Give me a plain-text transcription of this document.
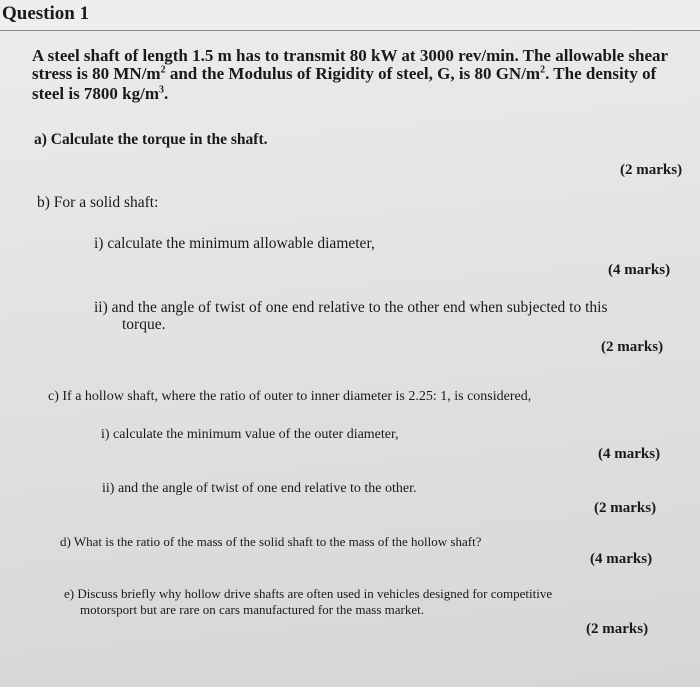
Question 1
A steel shaft of length 1.5 m has to transmit 80 kW at 3000 rev/min. The allowable shear
stress is 80 $MN/m^2$ and the Modulus of Rigidity of steel, G, is 80 $GN/m^2$. The density of
steel is 7800 $kg/m^3$.
a) Calculate the torque in the shaft.
(2 marks)
b) For a solid shaft:
i) calculate the minimum allowable diameter,
(4 marks)
ii) and the angle of twist of one end relative to the other end when subjected to this
torque.
(2 marks)
c) If a hollow shaft, where the ratio of outer to inner diameter is 2.25: 1, is considered,
i) calculate the minimum value of the outer diameter,
(4 marks)
ii) and the angle of twist of one end relative to the other.
(2 marks)
d) What is the ratio of the mass of the solid shaft to the mass of the hollow shaft?
(4 marks)
e) Discuss briefly why hollow drive shafts are often used in vehicles designed for competitive
motorsport but are rare on cars manufactured for the mass market.
(2 marks)
